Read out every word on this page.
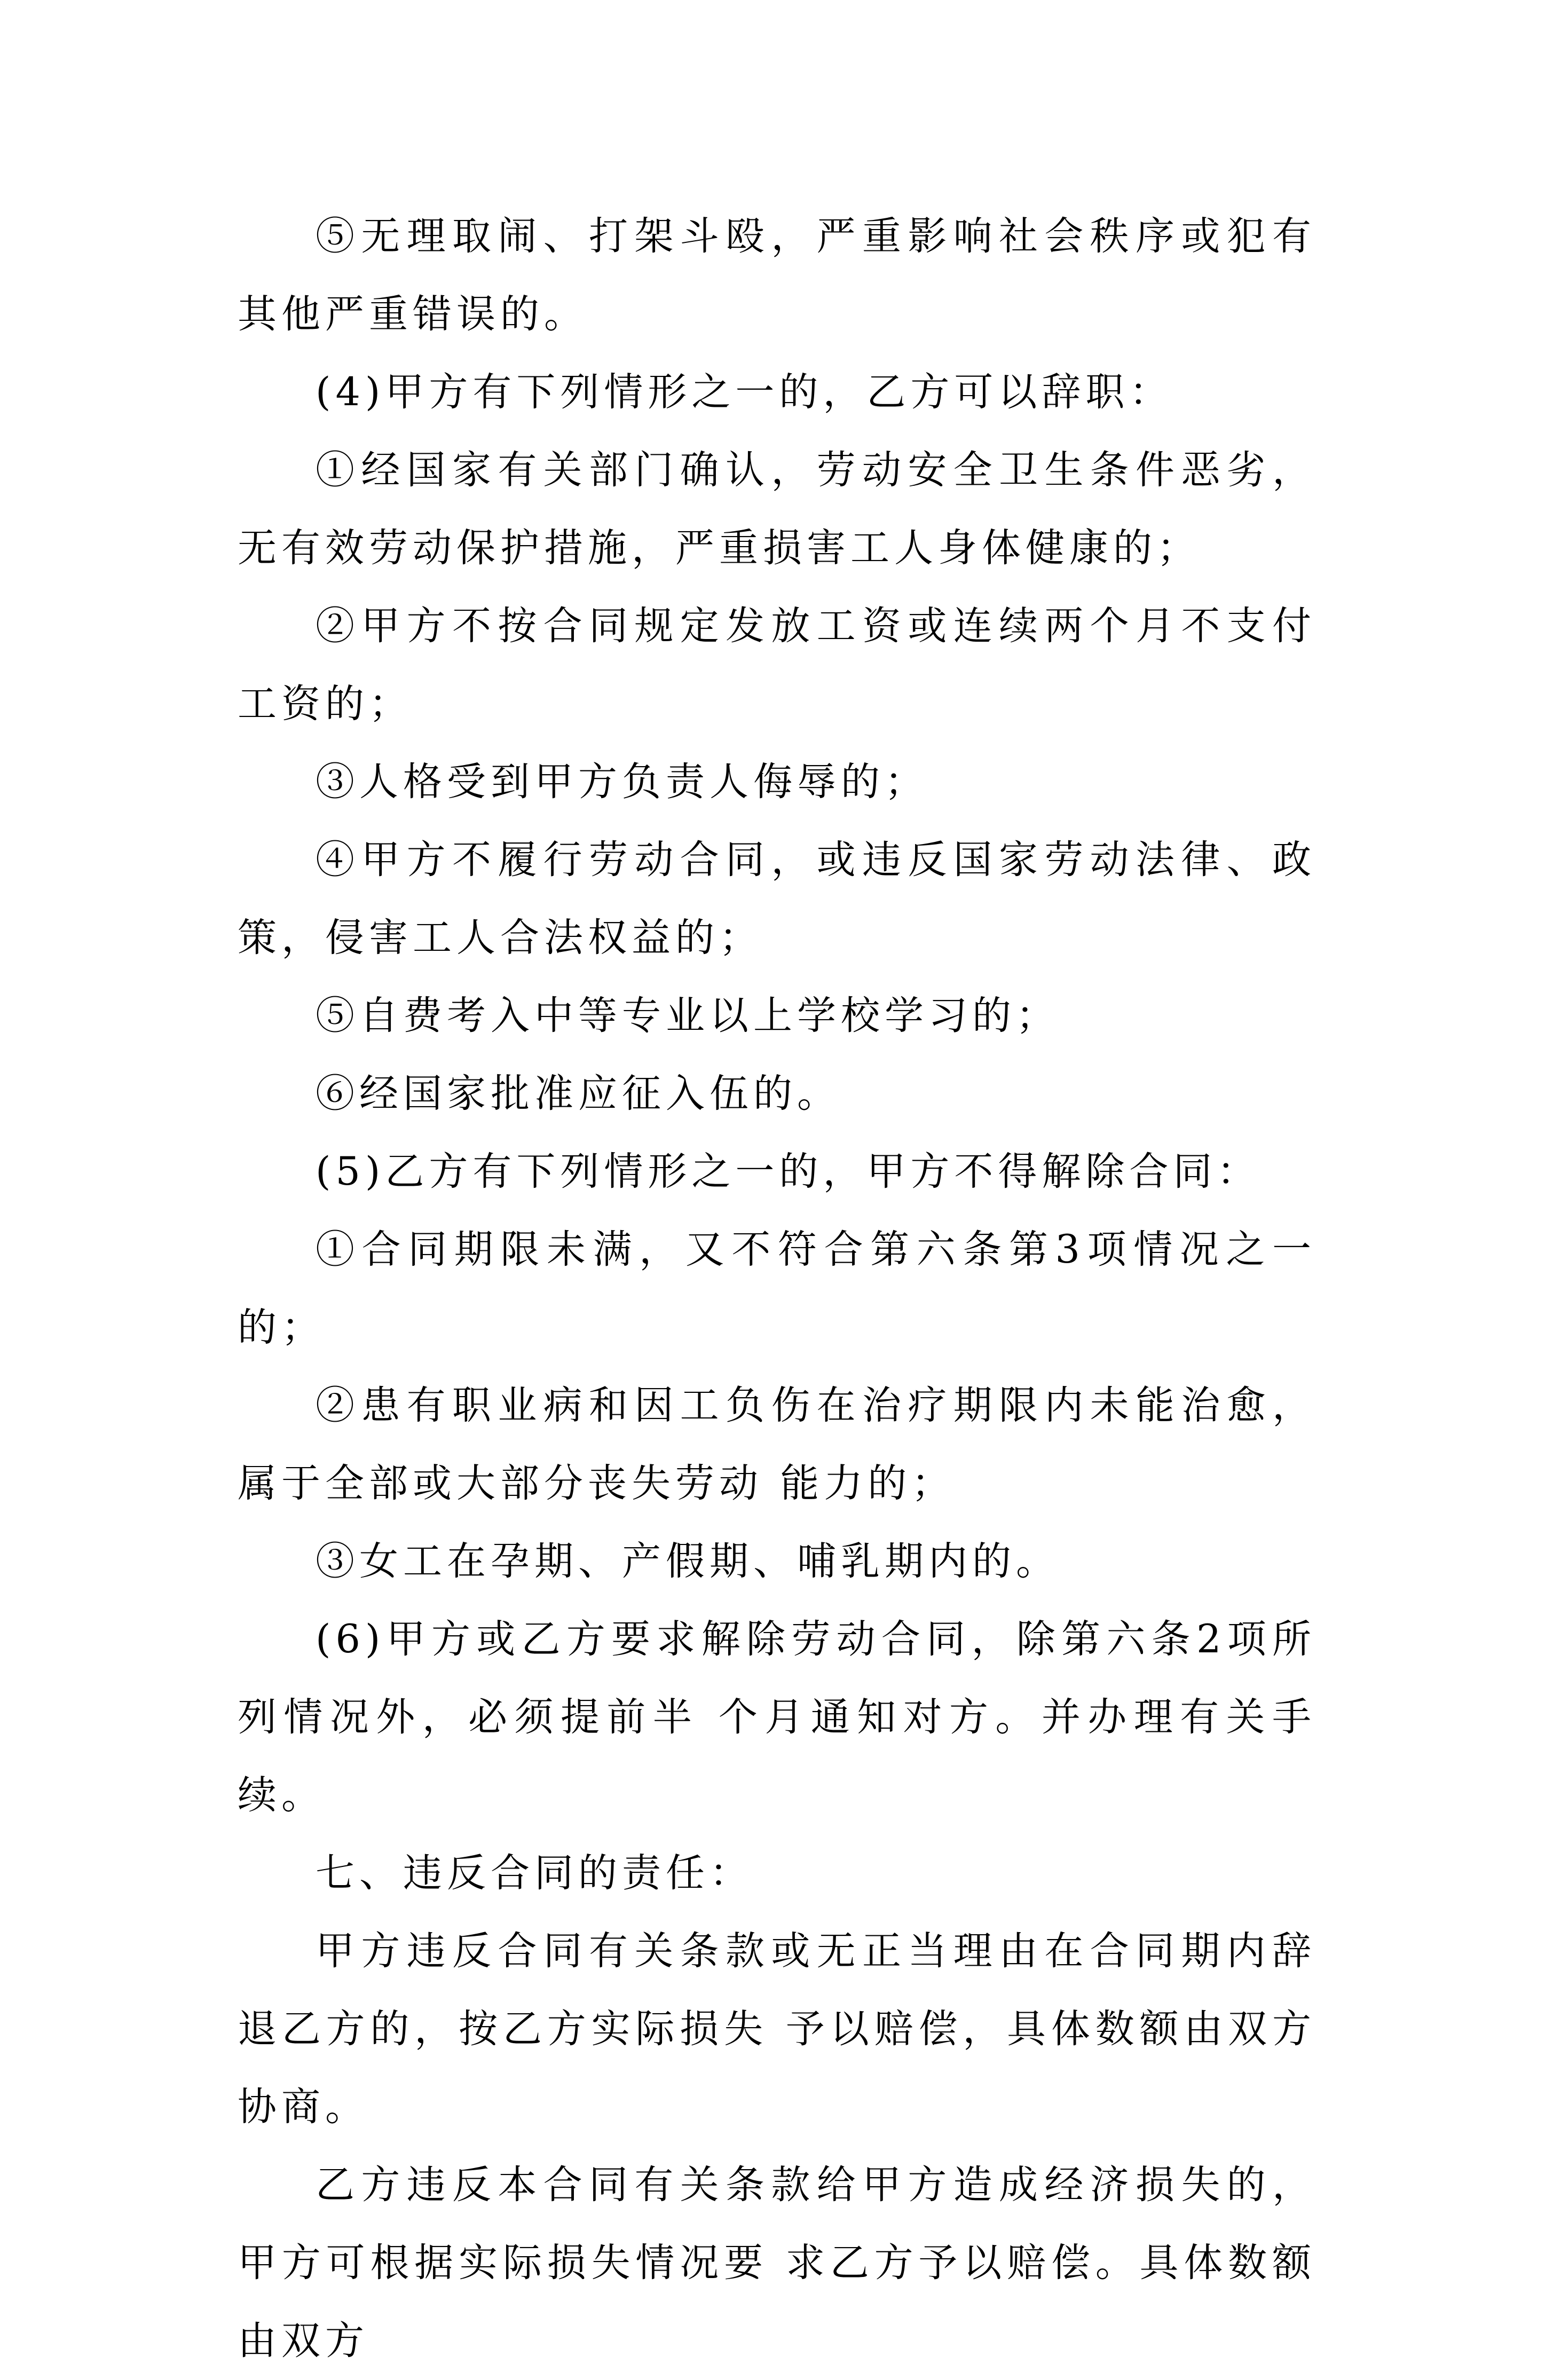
⑤无理取闹、打架斗殴，严重影响社会秩序或犯有其他严重错误的。

(4)甲方有下列情形之一的，乙方可以辞职：

①经国家有关部门确认，劳动安全卫生条件恶劣，无有效劳动保护措施，严重损害工人身体健康的；

②甲方不按合同规定发放工资或连续两个月不支付工资的；

③人格受到甲方负责人侮辱的；

④甲方不履行劳动合同，或违反国家劳动法律、政策，侵害工人合法权益的；

⑤自费考入中等专业以上学校学习的；

⑥经国家批准应征入伍的。

(5)乙方有下列情形之一的，甲方不得解除合同：

①合同期限未满，又不符合第六条第3项情况之一的；

②患有职业病和因工负伤在治疗期限内未能治愈，属于全部或大部分丧失劳动 能力的；

③女工在孕期、产假期、哺乳期内的。

(6)甲方或乙方要求解除劳动合同，除第六条2项所列情况外，必须提前半 个月通知对方。并办理有关手续。

七、违反合同的责任：

甲方违反合同有关条款或无正当理由在合同期内辞退乙方的，按乙方实际损失 予以赔偿，具体数额由双方协商。

乙方违反本合同有关条款给甲方造成经济损失的，甲方可根据实际损失情况要 求乙方予以赔偿。具体数额由双方
